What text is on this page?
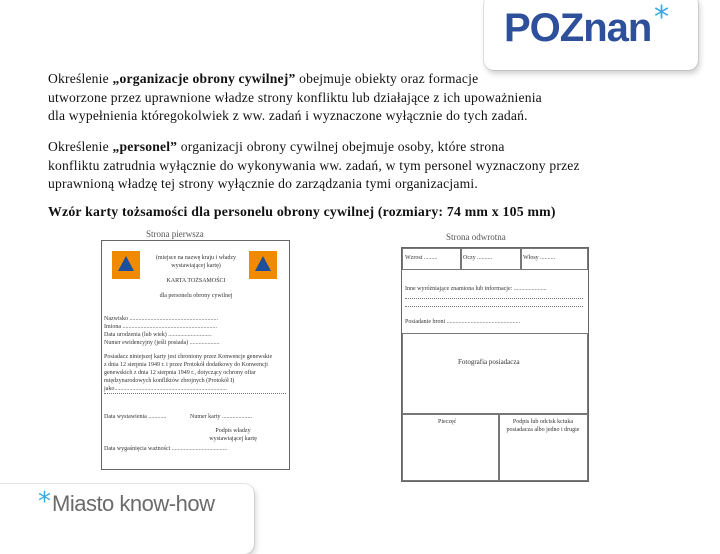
POZnan *
Określenie „organizacje obrony cywilnej” obejmuje obiekty oraz formacje
utworzone przez uprawnione władze strony konfliktu lub działające z ich upoważnienia
dla wypełnienia któregokolwiek z ww. zadań i wyznaczone wyłącznie do tych zadań.
Określenie „personel” organizacji obrony cywilnej obejmuje osoby, które strona
konfliktu zatrudnia wyłącznie do wykonywania ww. zadań, w tym personel wyznaczony przez
uprawnioną władzę tej strony wyłącznie do zarządzania tymi organizacjami.
Wzór karty tożsamości dla personelu obrony cywilnej (rozmiary: 74 mm x 105 mm)
Strona pierwsza
(miejsce na nazwę kraju i władzy wystawiającej kartę)
KARTA TOŻSAMOŚCI
dla personelu obrony cywilnej
Nazwisko ...........................................................
Imiona ...............................................................
Data urodzenia (lub wiek) .............................
Numer ewidencyjny (jeśli posiada) ....................
Posiadacz niniejszej karty jest chroniony przez Konwencje genewskie
z dnia 12 sierpnia 1949 r. i przez Protokół dodatkowy do Konwencji
genewskich z dnia 12 sierpnia 1949 r., dotyczący ochrony ofiar
międzynarodowych konfliktów zbrojnych (Protokół I)
jako...........................................................................
Data wystawienia ............	Numer karty ....................
Podpis władzy wystawiającej kartę
Data wygaśnięcia ważności .....................................
Strona odwrotna
Wzrost .........	Oczy ..........	Włosy ..........
Inne wyróżniające znamiona lub informacje: ......................
Posiadanie broni .................................................
Fotografia posiadacza
Pieczęć	Podpis lub odcisk kciuka posiadacza albo jedno i drugie
* Miasto know-how
